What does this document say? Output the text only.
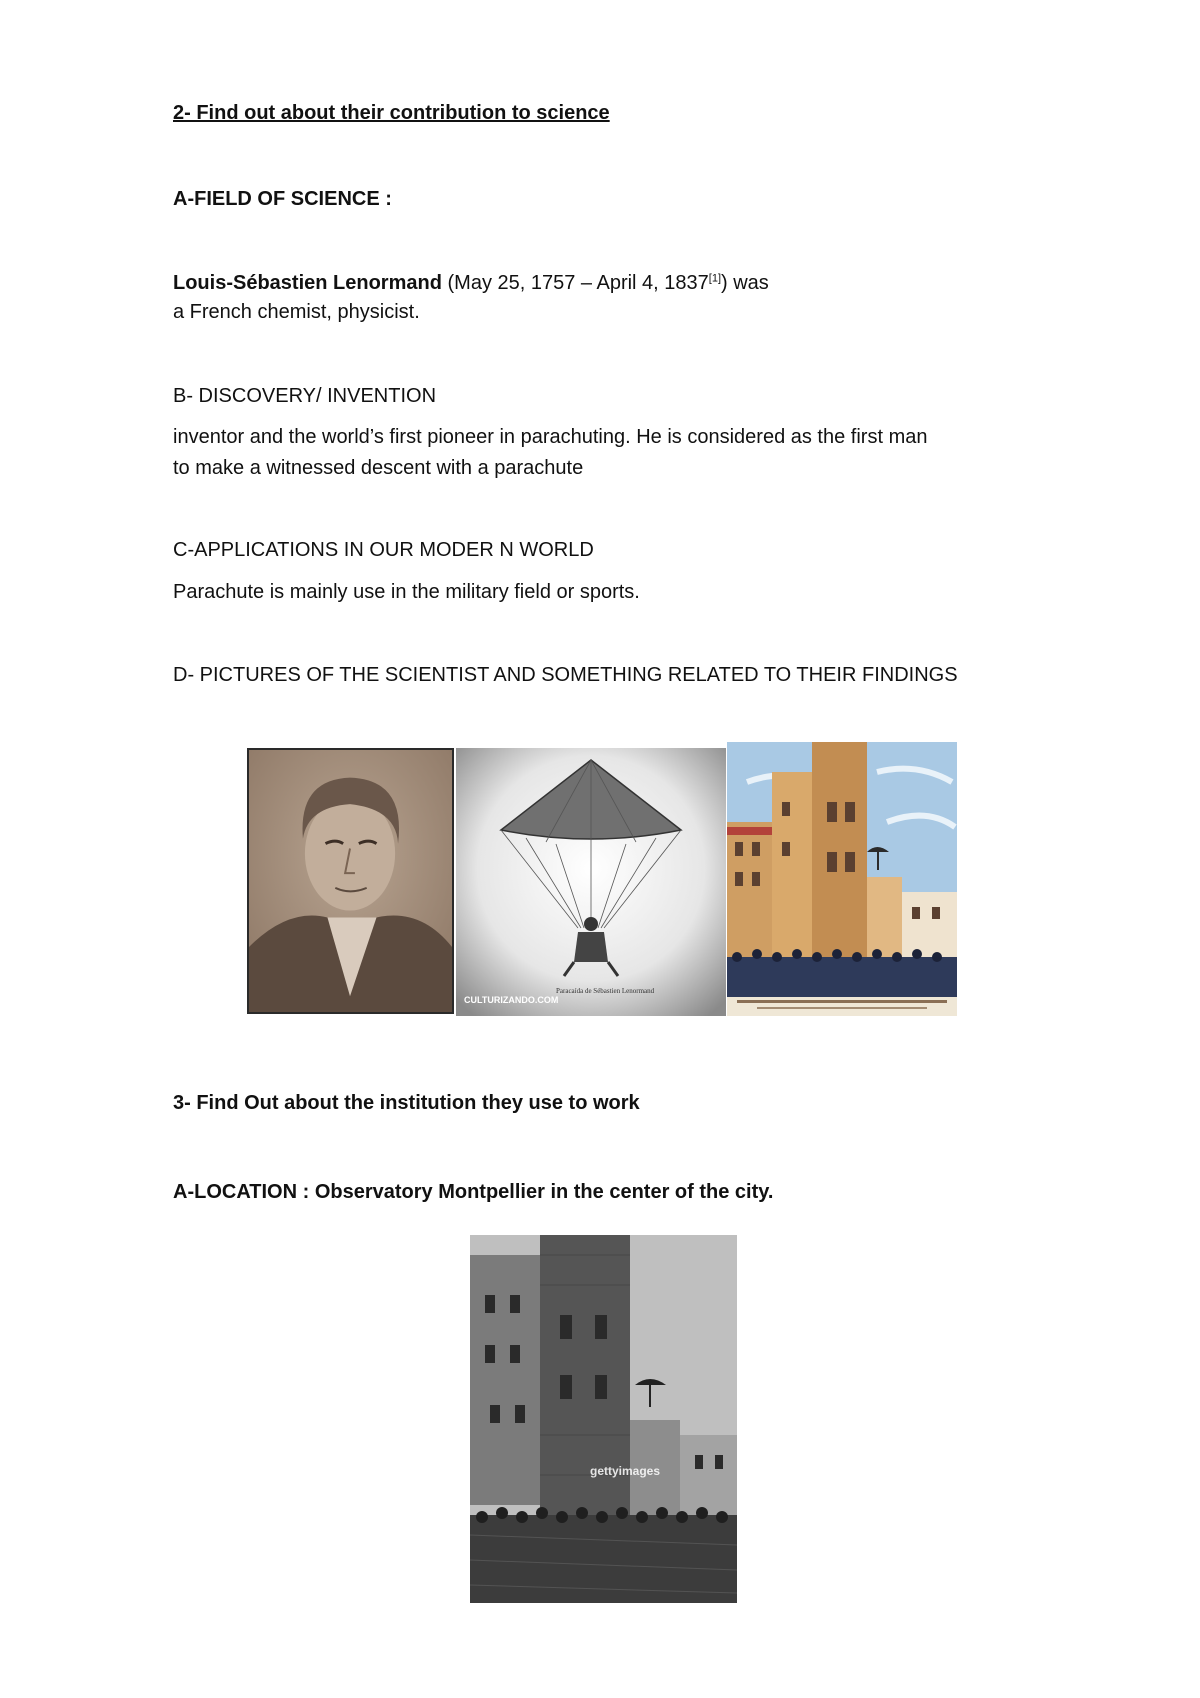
2- Find out about their contribution to science
A-FIELD OF SCIENCE :
Louis-Sébastien Lenormand (May 25, 1757 – April 4, 1837[1]) was
a French chemist, physicist.
B- DISCOVERY/ INVENTION
inventor and the world’s first pioneer in parachuting. He is considered as the first man
to make a witnessed descent with a parachute
C-APPLICATIONS IN OUR MODER N WORLD
Parachute is mainly use in the military field or sports.
D- PICTURES OF THE SCIENTIST AND SOMETHING RELATED TO THEIR FINDINGS
CULTURIZANDO.COM
Paracaída de Sébastien Lenormand
3- Find Out about the institution they use to work
A-LOCATION : Observatory Montpellier in the center of the city.
gettyimages
